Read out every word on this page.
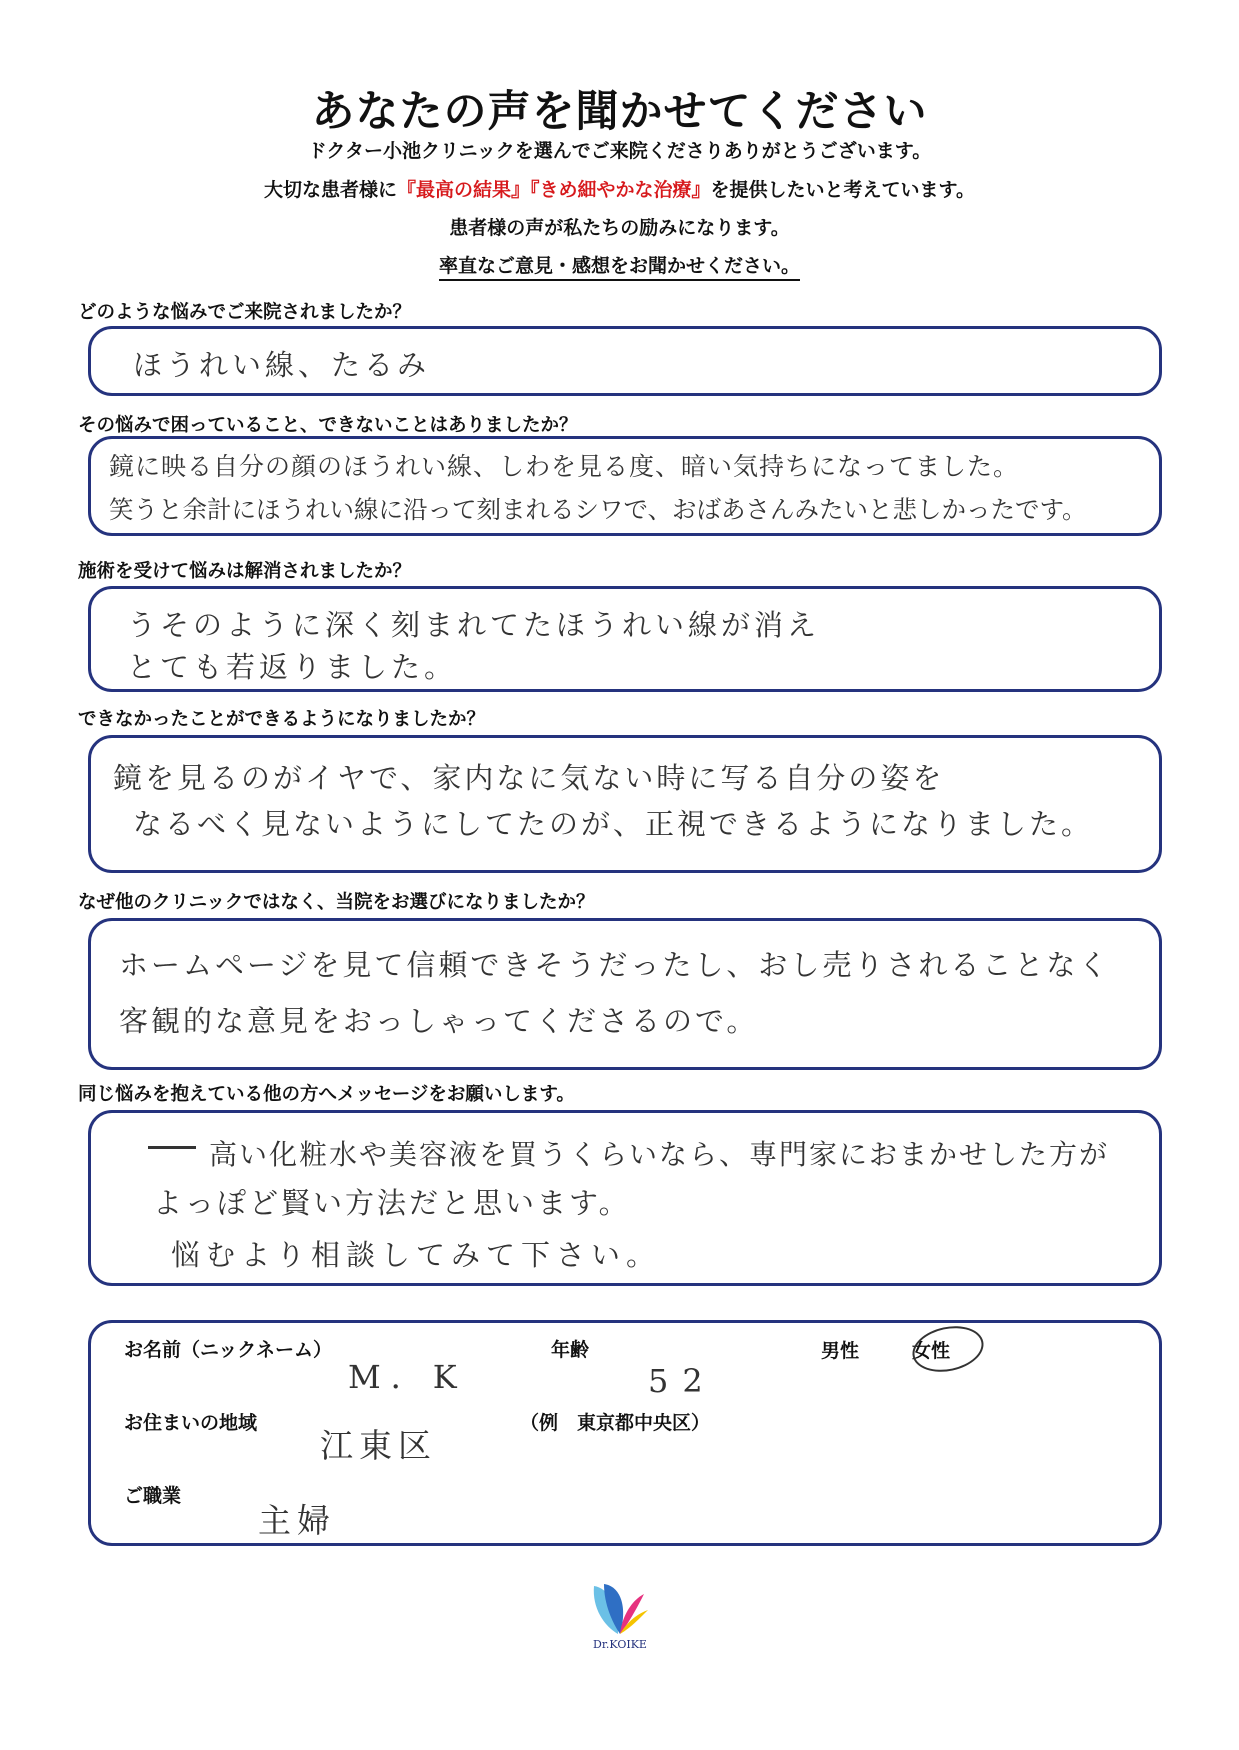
あなたの声を聞かせてください
ドクター小池クリニックを選んでご来院くださりありがとうございます。
大切な患者様に『最高の結果』『きめ細やかな治療』を提供したいと考えています。
患者様の声が私たちの励みになります。
率直なご意見・感想をお聞かせください。
どのような悩みでご来院されましたか？
ほうれい線、たるみ
その悩みで困っていること、できないことはありましたか？
鏡に映る自分の顔のほうれい線、しわを見る度、暗い気持ちになってました。
笑うと余計にほうれい線に沿って刻まれるシワで、おばあさんみたいと悲しかったです。
施術を受けて悩みは解消されましたか？
うそのように深く刻まれてたほうれい線が消え
とても若返りました。
できなかったことができるようになりましたか？
鏡を見るのがイヤで、家内なに気ない時に写る自分の姿を
なるべく見ないようにしてたのが、正視できるようになりました。
なぜ他のクリニックではなく、当院をお選びになりましたか？
ホームページを見て信頼できそうだったし、おし売りされることなく
客観的な意見をおっしゃってくださるので。
同じ悩みを抱えている他の方へメッセージをお願いします。
高い化粧水や美容液を買うくらいなら、専門家におまかせした方が
よっぽど賢い方法だと思います。
悩むより相談してみて下さい。
お名前（ニックネーム）
M．K
年齢
52
男性	女性
お住まいの地域
江東区
（例　東京都中央区）
ご職業
主婦
Dr.KOIKE
